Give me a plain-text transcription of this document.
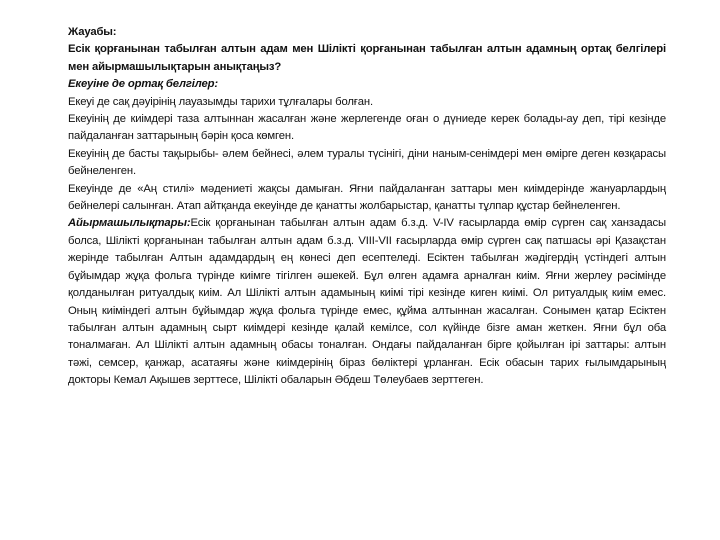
Жауабы:

Есік қорғанынан табылған алтын адам мен Шілікті қорғанынан табылған алтын адамның ортақ белгілері мен айырмашылықтарын анықтаңыз?

Екеуіне де ортақ белгілер:

Екеуі де сақ дәуірінің лауазымды тарихи тұлғалары болған.

Екеуінің де киімдері таза алтыннан жасалған және жерлегенде оған о дүниеде керек болады-ау деп, тірі кезінде пайдаланған заттарының бәрін қоса көмген.

Екеуінің де басты тақырыбы- әлем бейнесі, әлем туралы түсінігі, діни наным-сенімдері мен өмірге деген көзқарасы бейнеленген.

Екеуінде де «Аң стилі» мәдениеті жақсы дамыған. Яғни пайдаланған заттары мен киімдерінде жануарлардың бейнелері салынған. Атап айтқанда екеуінде де қанатты жолбарыстар, қанатты тұлпар құстар бейнеленген.

Айырмашылықтары:Есік қорғанынан табылған алтын адам б.з.д. V-IV ғасырларда өмір сүрген сақ ханзадасы болса, Шілікті қорғанынан табылған алтын адам б.з.д. VIII-VII ғасырларда өмір сүрген сақ патшасы әрі Қазақстан жерінде табылған Алтын адамдардың ең көнесі деп есептеледі. Есіктен табылған жәдігердің үстіндегі алтын бұйымдар жұқа фольга түрінде киімге тігілген әшекей. Бұл өлген адамға арналған киім. Яғни жерлеу рәсімінде қолданылған ритуалдық киім. Ал Шілікті алтын адамының киімі тірі кезінде киген киімі. Ол ритуалдық киім емес. Оның киіміндегі алтын бұйымдар жұқа фольга түрінде емес, құйма алтыннан жасалған. Сонымен қатар Есіктен табылған алтын адамның сырт киімдері кезінде қалай кемілсе, сол күйінде бізге аман жеткен. Яғни бұл оба тоналмаған. Ал Шілікті алтын адамның обасы тоналған. Ондағы пайдаланған бірге қойылған ірі заттары: алтын тәжі, семсер, қанжар, асатаяғы және киімдерінің біраз бөліктері ұрланған. Есік обасын тарих ғылымдарының докторы Кемал Ақышев зерттесе, Шілікті обаларын Әбдеш Төлеубаев зерттеген.
